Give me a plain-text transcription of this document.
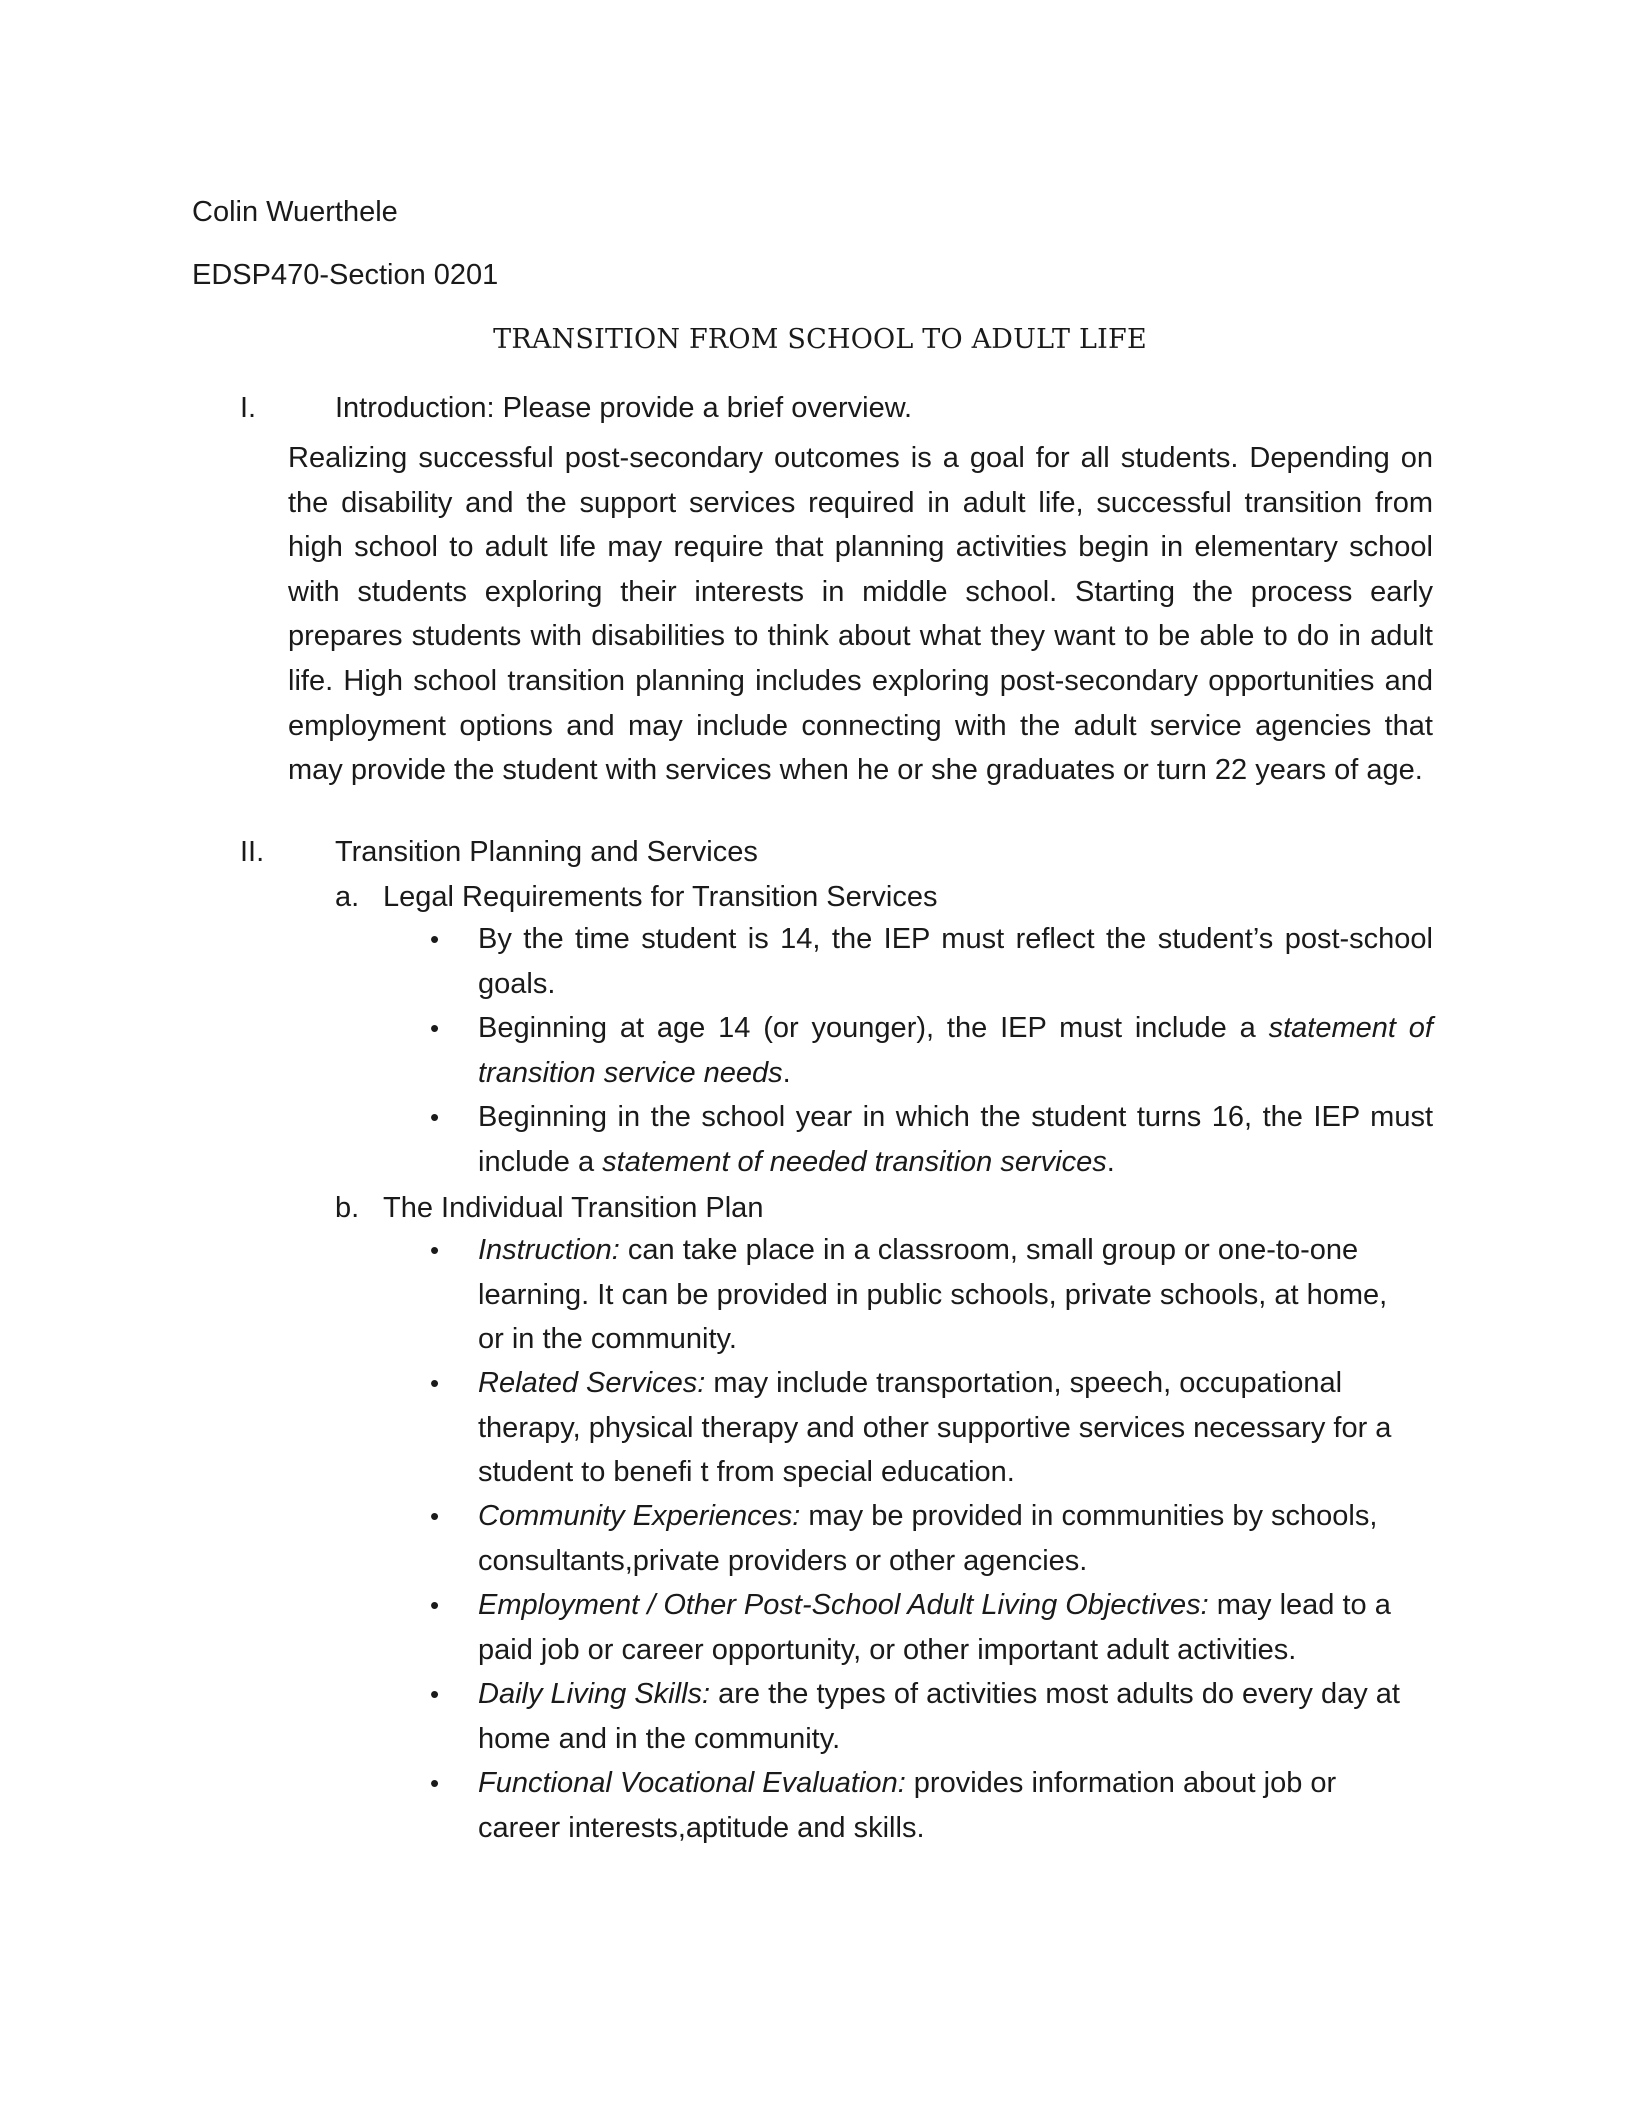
Colin Wuerthele
EDSP470-Section 0201
TRANSITION FROM SCHOOL TO ADULT LIFE
I.	Introduction: Please provide a brief overview.

Realizing successful post-secondary outcomes is a goal for all students. Depending on the disability and the support services required in adult life, successful transition from high school to adult life may require that planning activities begin in elementary school with students exploring their interests in middle school. Starting the process early prepares students with disabilities to think about what they want to be able to do in adult life. High school transition planning includes exploring post-secondary opportunities and employment options and may include connecting with the adult service agencies that may provide the student with services when he or she graduates or turn 22 years of age.

II. Transition Planning and Services
a. Legal Requirements for Transition Services
• By the time student is 14, the IEP must reflect the student’s post-school goals.

• Beginning at age 14 (or younger), the IEP must include a statement of transition service needs.

• Beginning in the school year in which the student turns 16, the IEP must include a statement of needed transition services.

b. The Individual Transition Plan
• Instruction: can take place in a classroom, small group or one-to-one learning. It can be provided in public schools, private schools, at home, or in the community.

• Related Services: may include transportation, speech, occupational therapy, physical therapy and other supportive services necessary for a student to benefi t from special education.

• Community Experiences: may be provided in communities by schools, consultants,private providers or other agencies.

• Employment / Other Post-School Adult Living Objectives: may lead to a paid job or career opportunity, or other important adult activities.

• Daily Living Skills: are the types of activities most adults do every day at home and in the community.

• Functional Vocational Evaluation: provides information about job or career interests,aptitude and skills.
